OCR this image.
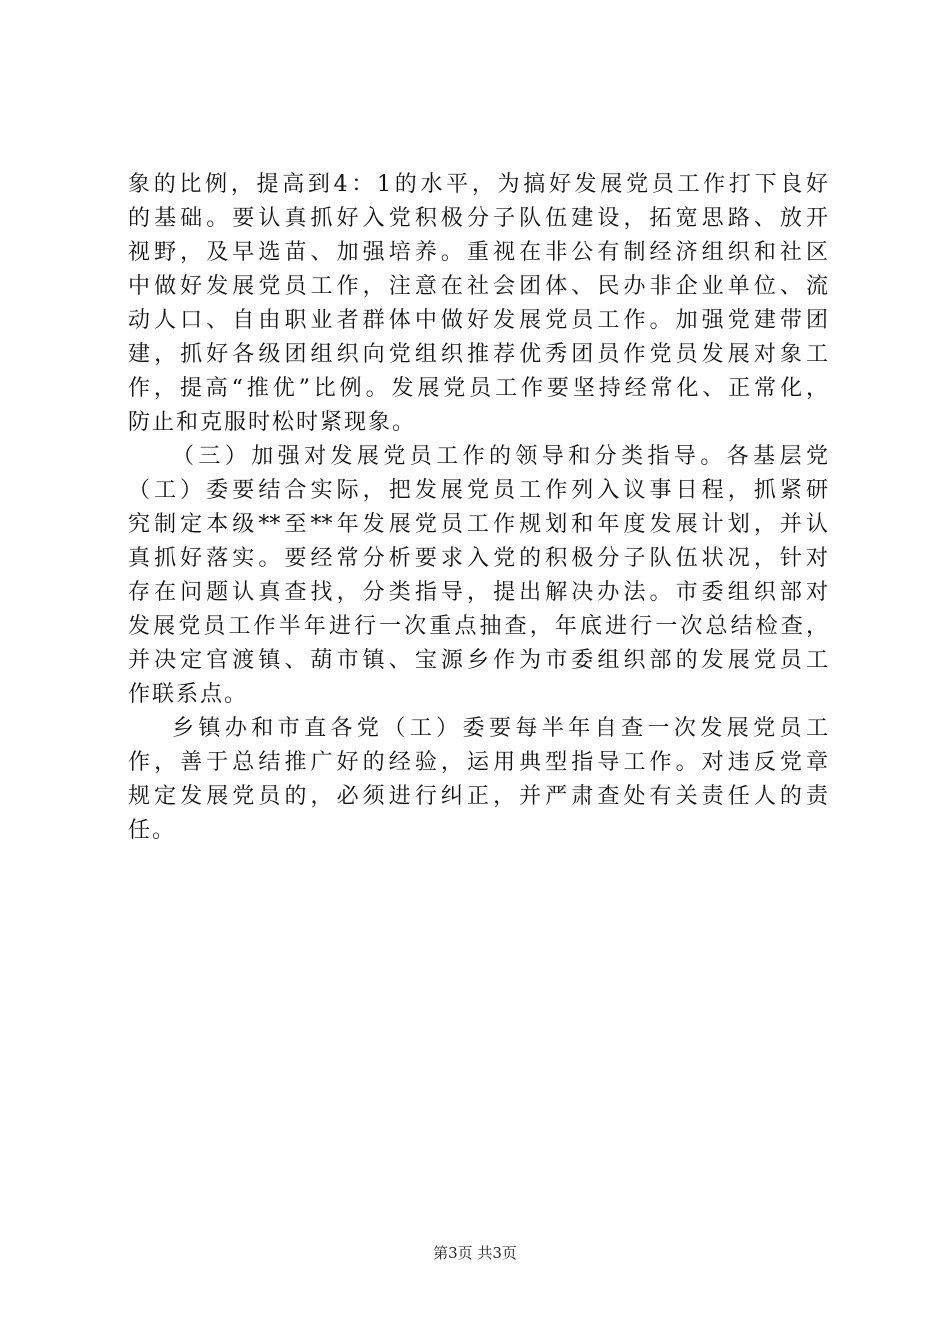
象的比例，提高到4：1的水平，为搞好发展党员工作打下良好
的基础。要认真抓好入党积极分子队伍建设，拓宽思路、放开
视野，及早选苗、加强培养。重视在非公有制经济组织和社区
中做好发展党员工作，注意在社会团体、民办非企业单位、流
动人口、自由职业者群体中做好发展党员工作。加强党建带团
建，抓好各级团组织向党组织推荐优秀团员作党员发展对象工
作，提高“推优”比例。发展党员工作要坚持经常化、正常化，
防止和克服时松时紧现象。
（三）加强对发展党员工作的领导和分类指导。各基层党
（工）委要结合实际，把发展党员工作列入议事日程，抓紧研
究制定本级**至**年发展党员工作规划和年度发展计划，并认
真抓好落实。要经常分析要求入党的积极分子队伍状况，针对
存在问题认真查找，分类指导，提出解决办法。市委组织部对
发展党员工作半年进行一次重点抽查，年底进行一次总结检查，
并决定官渡镇、葫市镇、宝源乡作为市委组织部的发展党员工
作联系点。
乡镇办和市直各党（工）委要每半年自查一次发展党员工
作，善于总结推广好的经验，运用典型指导工作。对违反党章
规定发展党员的，必须进行纠正，并严肃查处有关责任人的责
任。
第3页 共3页
